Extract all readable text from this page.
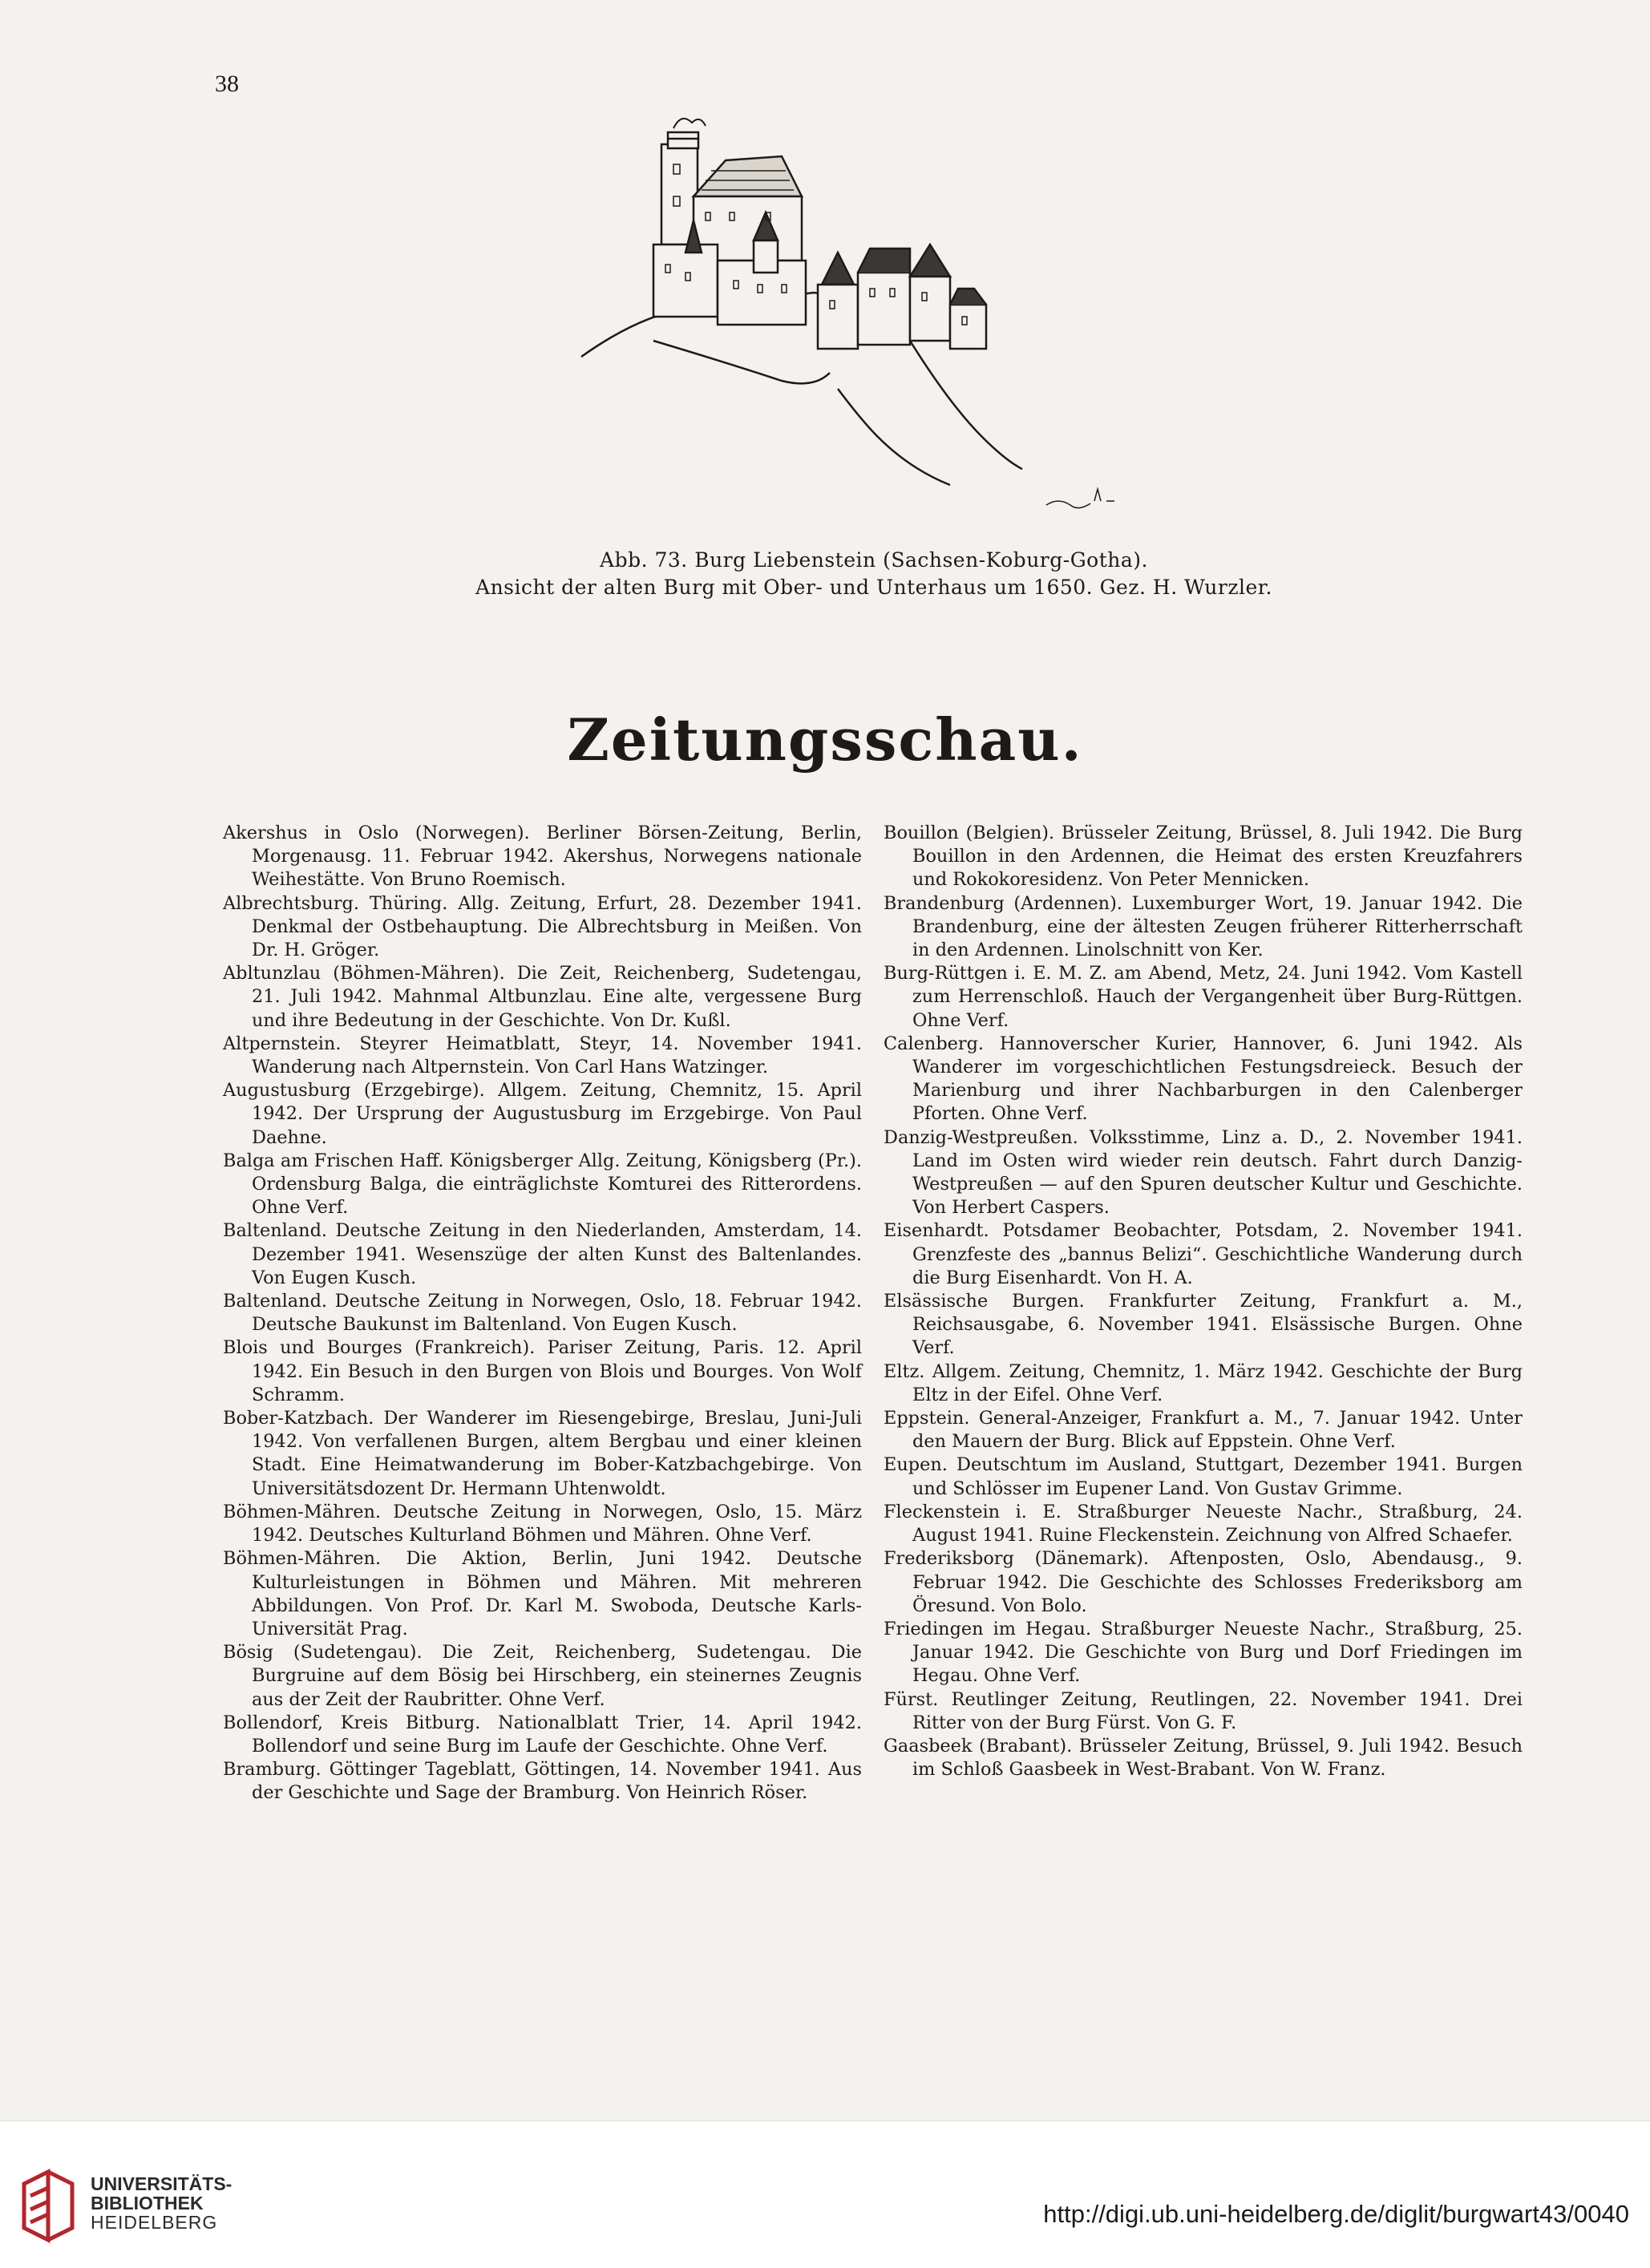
38
Abb. 73. Burg Liebenstein (Sachsen-Koburg-Gotha).
Ansicht der alten Burg mit Ober- und Unterhaus um 1650. Gez. H. Wurzler.
Zeitungsschau.

Akershus in Oslo (Norwegen). Berliner Börsen-Zeitung, Berlin, Morgenausg. 11. Februar 1942. Akershus, Norwegens nationale Weihestätte. Von Bruno Roemisch.

Albrechtsburg. Thüring. Allg. Zeitung, Erfurt, 28. Dezember 1941. Denkmal der Ostbehauptung. Die Albrechtsburg in Meißen. Von Dr. H. Gröger.

Abltunzlau (Böhmen-Mähren). Die Zeit, Reichenberg, Sudetengau, 21. Juli 1942. Mahnmal Altbunzlau. Eine alte, vergessene Burg und ihre Bedeutung in der Geschichte. Von Dr. Kußl.

Altpernstein. Steyrer Heimatblatt, Steyr, 14. November 1941. Wanderung nach Altpernstein. Von Carl Hans Watzinger.

Augustusburg (Erzgebirge). Allgem. Zeitung, Chemnitz, 15. April 1942. Der Ursprung der Augustusburg im Erzgebirge. Von Paul Daehne.

Balga am Frischen Haff. Königsberger Allg. Zeitung, Königsberg (Pr.). Ordensburg Balga, die einträglichste Komturei des Ritterordens. Ohne Verf.

Baltenland. Deutsche Zeitung in den Niederlanden, Amsterdam, 14. Dezember 1941. Wesenszüge der alten Kunst des Baltenlandes. Von Eugen Kusch.

Baltenland. Deutsche Zeitung in Norwegen, Oslo, 18. Februar 1942. Deutsche Baukunst im Baltenland. Von Eugen Kusch.

Blois und Bourges (Frankreich). Pariser Zeitung, Paris. 12. April 1942. Ein Besuch in den Burgen von Blois und Bourges. Von Wolf Schramm.

Bober-Katzbach. Der Wanderer im Riesengebirge, Breslau, Juni-Juli 1942. Von verfallenen Burgen, altem Bergbau und einer kleinen Stadt. Eine Heimatwanderung im Bober-Katzbachgebirge. Von Universitätsdozent Dr. Hermann Uhtenwoldt.

Böhmen-Mähren. Deutsche Zeitung in Norwegen, Oslo, 15. März 1942. Deutsches Kulturland Böhmen und Mähren. Ohne Verf.

Böhmen-Mähren. Die Aktion, Berlin, Juni 1942. Deutsche Kulturleistungen in Böhmen und Mähren. Mit mehreren Abbildungen. Von Prof. Dr. Karl M. Swoboda, Deutsche Karls-Universität Prag.

Bösig (Sudetengau). Die Zeit, Reichenberg, Sudetengau. Die Burgruine auf dem Bösig bei Hirschberg, ein steinernes Zeugnis aus der Zeit der Raubritter. Ohne Verf.

Bollendorf, Kreis Bitburg. Nationalblatt Trier, 14. April 1942. Bollendorf und seine Burg im Laufe der Geschichte. Ohne Verf.

Bramburg. Göttinger Tageblatt, Göttingen, 14. November 1941. Aus der Geschichte und Sage der Bramburg. Von Heinrich Röser.

Bouillon (Belgien). Brüsseler Zeitung, Brüssel, 8. Juli 1942. Die Burg Bouillon in den Ardennen, die Heimat des ersten Kreuzfahrers und Rokokoresidenz. Von Peter Mennicken.

Brandenburg (Ardennen). Luxemburger Wort, 19. Januar 1942. Die Brandenburg, eine der ältesten Zeugen früherer Ritterherrschaft in den Ardennen. Linolschnitt von Ker.

Burg-Rüttgen i. E. M. Z. am Abend, Metz, 24. Juni 1942. Vom Kastell zum Herrenschloß. Hauch der Vergangenheit über Burg-Rüttgen. Ohne Verf.

Calenberg. Hannoverscher Kurier, Hannover, 6. Juni 1942. Als Wanderer im vorgeschichtlichen Festungsdreieck. Besuch der Marienburg und ihrer Nachbarburgen in den Calenberger Pforten. Ohne Verf.

Danzig-Westpreußen. Volksstimme, Linz a. D., 2. November 1941. Land im Osten wird wieder rein deutsch. Fahrt durch Danzig-Westpreußen — auf den Spuren deutscher Kultur und Geschichte. Von Herbert Caspers.

Eisenhardt. Potsdamer Beobachter, Potsdam, 2. November 1941. Grenzfeste des „bannus Belizi“. Geschichtliche Wanderung durch die Burg Eisenhardt. Von H. A.

Elsässische Burgen. Frankfurter Zeitung, Frankfurt a. M., Reichsausgabe, 6. November 1941. Elsässische Burgen. Ohne Verf.

Eltz. Allgem. Zeitung, Chemnitz, 1. März 1942. Geschichte der Burg Eltz in der Eifel. Ohne Verf.

Eppstein. General-Anzeiger, Frankfurt a. M., 7. Januar 1942. Unter den Mauern der Burg. Blick auf Eppstein. Ohne Verf.

Eupen. Deutschtum im Ausland, Stuttgart, Dezember 1941. Burgen und Schlösser im Eupener Land. Von Gustav Grimme.

Fleckenstein i. E. Straßburger Neueste Nachr., Straßburg, 24. August 1941. Ruine Fleckenstein. Zeichnung von Alfred Schaefer.

Frederiksborg (Dänemark). Aftenposten, Oslo, Abendausg., 9. Februar 1942. Die Geschichte des Schlosses Frederiksborg am Öresund. Von Bolo.

Friedingen im Hegau. Straßburger Neueste Nachr., Straßburg, 25. Januar 1942. Die Geschichte von Burg und Dorf Friedingen im Hegau. Ohne Verf.

Fürst. Reutlinger Zeitung, Reutlingen, 22. November 1941. Drei Ritter von der Burg Fürst. Von G. F.

Gaasbeek (Brabant). Brüsseler Zeitung, Brüssel, 9. Juli 1942. Besuch im Schloß Gaasbeek in West-Brabant. Von W. Franz.

UNIVERSITÄTS-
BIBLIOTHEK
HEIDELBERG	http://digi.ub.uni-heidelberg.de/diglit/burgwart43/0040
